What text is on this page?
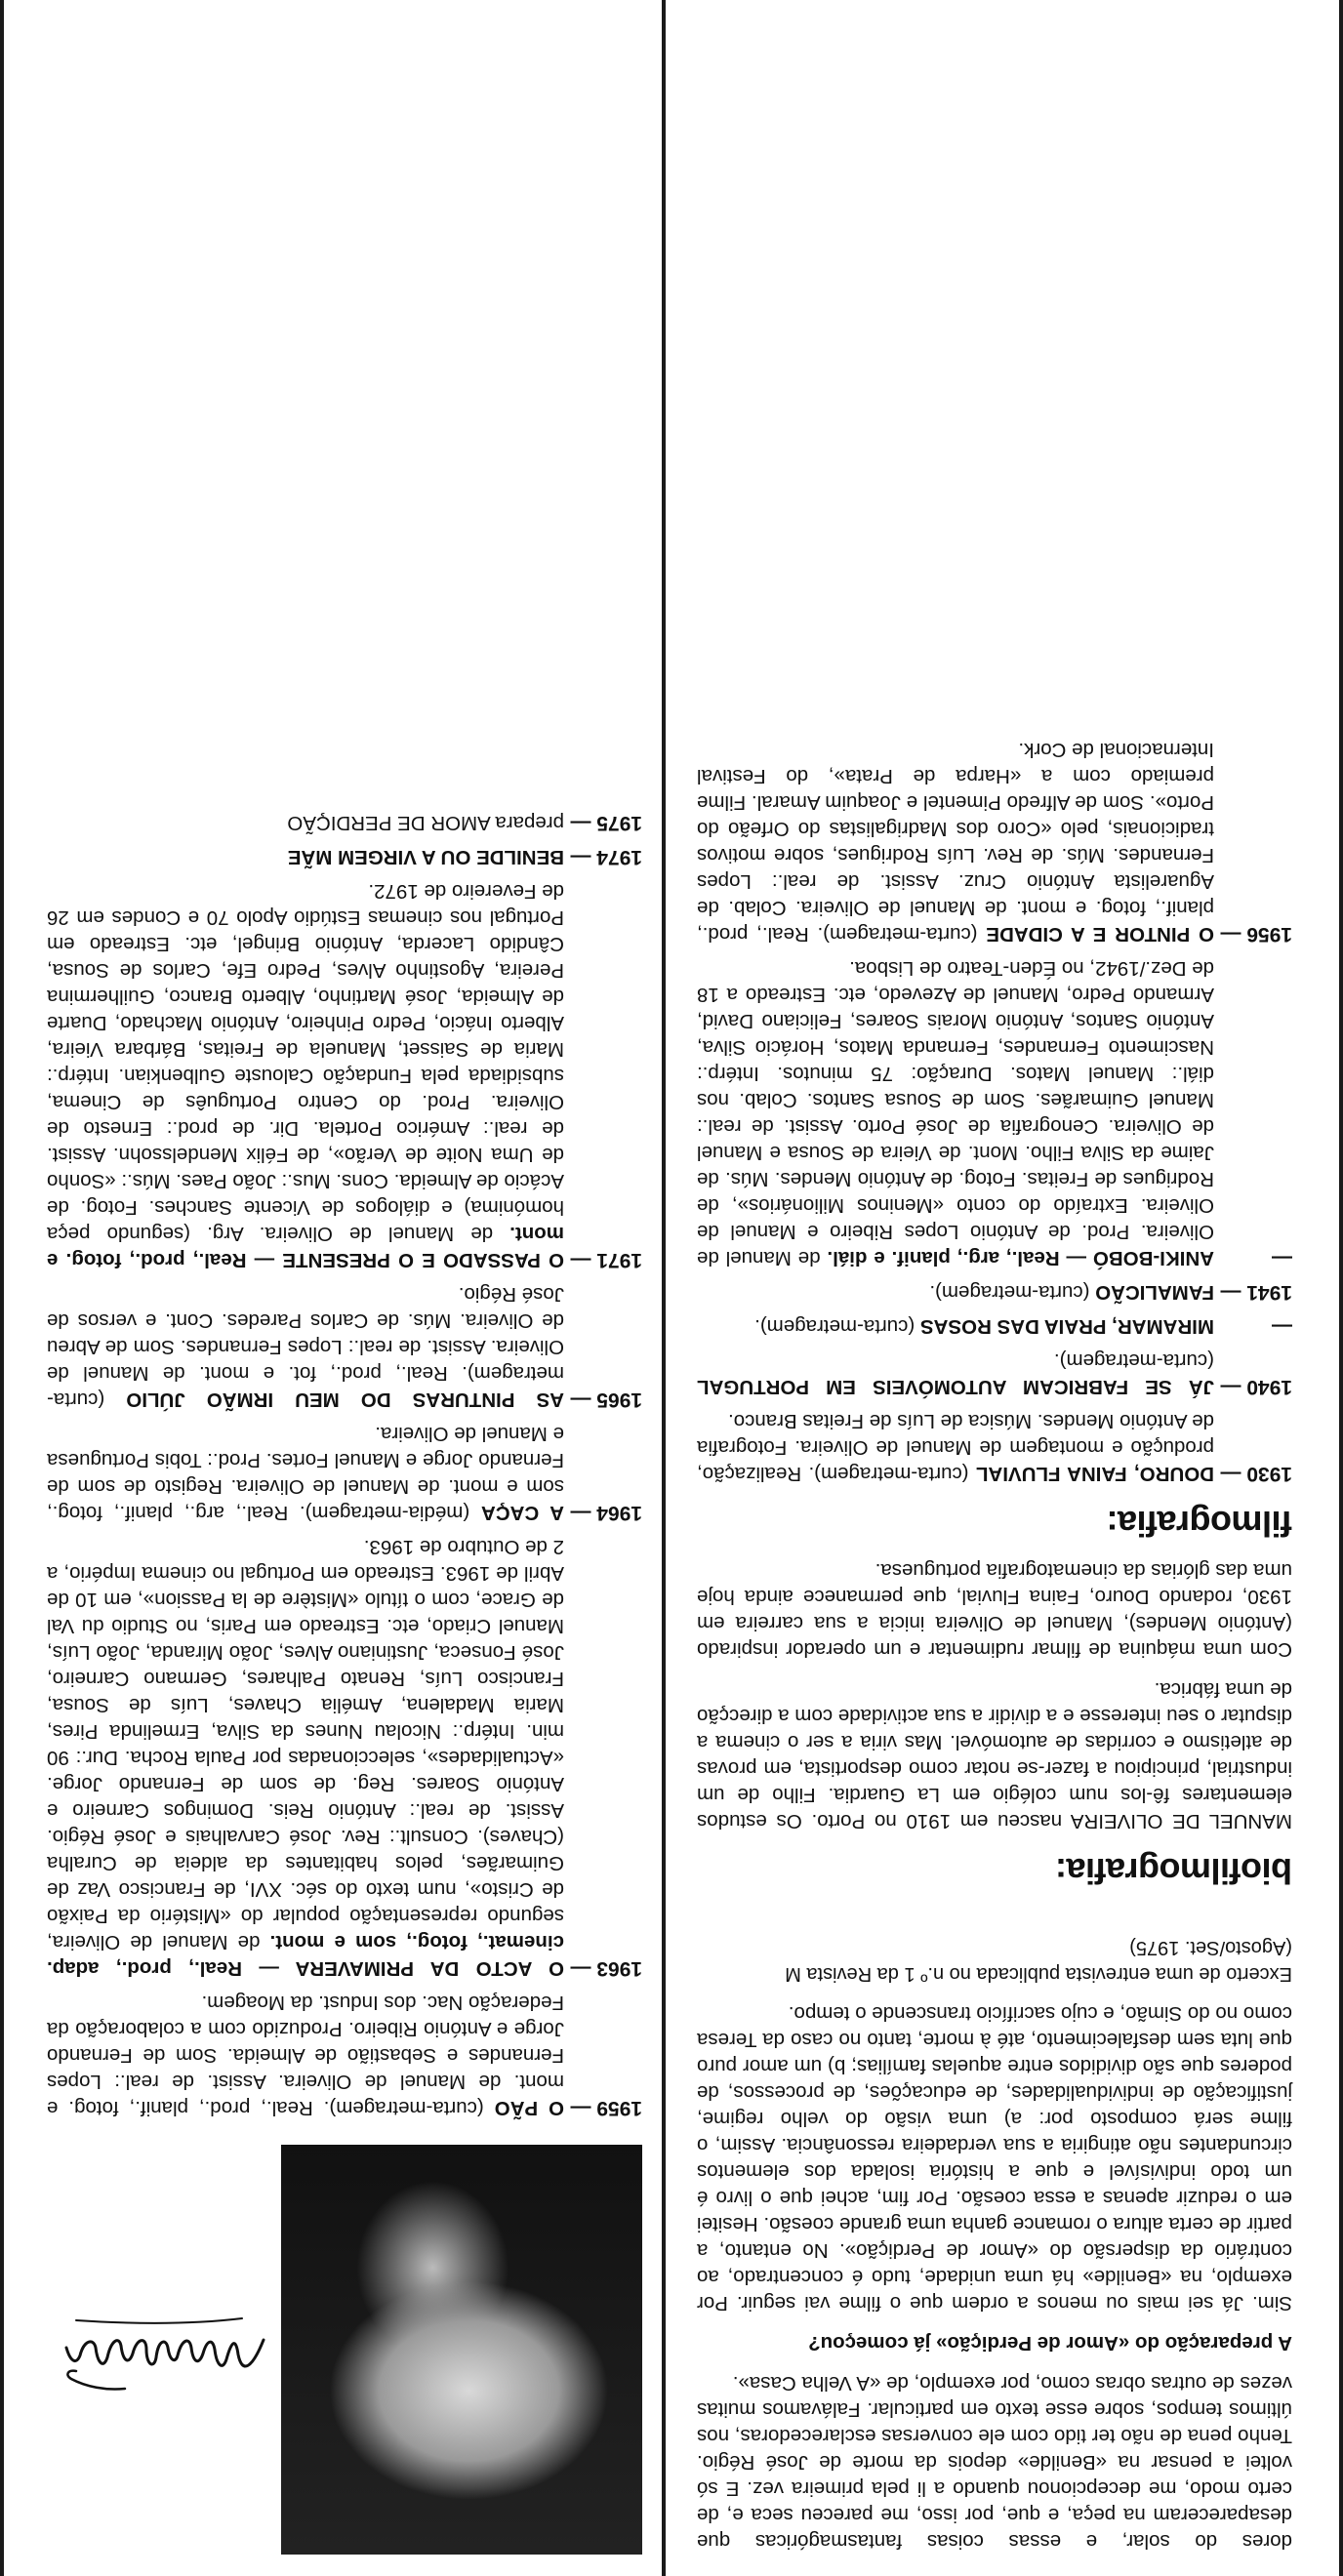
dores do solar, e essas coisas fantasmagóricas que desapareceram na peça, e que, por isso, me pareceu seca e, de certo modo, me decepcionou quando a li pela primeira vez. E só voltei a pensar na «Benilde» depois da morte de José Régio. Tenho pena de não ter tido com ele conversas esclarecedoras, nos últimos tempos, sobre esse texto em particular. Falávamos muitas vezes de outras obras como, por exemplo, de «A Velha Casa».

A preparação do «Amor de Perdição» já começou?

Sim. Já sei mais ou menos a ordem que o filme vai seguir. Por exemplo, na «Benilde» há uma unidade, tudo é concentrado, ao contrário da dispersão do «Amor de Perdição». No entanto, a partir de certa altura o romance ganha uma grande coesão. Hesitei em o reduzir apenas a essa coesão. Por fim, achei que o livro é um todo indivisível e que a história isolada dos elementos circundantes não atingiria a sua verdadeira ressonância. Assim, o filme será composto por: a) uma visão do velho regime, justificação de individualidades, de educações, de processos, de poderes que são divididos entre aquelas famílias; b) um amor puro que luta sem desfalecimento, até à morte, tanto no caso da Teresa como no do Simão, e cujo sacrifício transcende o tempo.

Excerto de uma entrevista publicada no n.º 1 da Revista M (Agosto/Set. 1975)

biofilmografia:

MANUEL DE OLIVEIRA nasceu em 1910 no Porto. Os estudos elementares fê-los num colégio em La Guardia. Filho de um industrial, principiou a fazer-se notar como desportista, em provas de atletismo e corridas de automóvel. Mas viria a ser o cinema a disputar o seu interesse e a dividir a sua actividade com a direcção de uma fábrica.

Com uma máquina de filmar rudimentar e um operador inspirado (António Mendes), Manuel de Oliveira inicia a sua carreira em 1930, rodando Douro, Faina Fluvial, que permanece ainda hoje uma das glórias da cinematografia portuguesa.

filmografia:
1930 —
DOURO, FAINA FLUVIAL (curta-metragem). Realização, produção e montagem de Manuel de Oliveira. Fotografia de António Mendes. Música de Luís de Freitas Branco.
1940 —
JÁ SE FABRICAM AUTOMÓVEIS EM PORTUGAL (curta-metragem).
—
MIRAMAR, PRAIA DAS ROSAS (curta-metragem).
1941 —
FAMALICÃO (curta-metragem).
—
ANIKI-BOBÓ — Real., arg., planif. e diál. de Manuel de Oliveira. Prod. de António Lopes Ribeiro e Manuel de Oliveira. Extraído do conto «Meninos Milionários», de Rodrigues de Freitas. Fotog. de António Mendes. Mús. de Jaime da Silva Filho. Mont. de Vieira de Sousa e Manuel de Oliveira. Cenografia de José Porto. Assist. de real.: Manuel Guimarães. Som de Sousa Santos. Colab. nos diál.: Manuel Matos. Duração: 75 minutos. Intérp.: Nascimento Fernandes, Fernanda Matos, Horácio Silva, António Santos, António Morais Soares, Feliciano David, Armando Pedro, Manuel de Azevedo, etc. Estreado a 18 de Dez./1942, no Éden-Teatro de Lisboa.
1956 —
O PINTOR E A CIDADE (curta-metragem). Real., prod., planif., fotog. e mont. de Manuel de Oliveira. Colab. de Aguarelista António Cruz. Assist. de real.: Lopes Fernandes. Mús. de Rev. Luís Rodrigues, sobre motivos tradicionais, pelo «Coro dos Madrigalistas do Orfeão do Porto». Som de Alfredo Pimentel e Joaquim Amaral. Filme premiado com a «Harpa de Prata», do Festival Internacional de Cork.
1959 —
O PÃO (curta-metragem). Real., prod., planif., fotog. e mont. de Manuel de Oliveira. Assist. de real.: Lopes Fernandes e Sebastião de Almeida. Som de Fernando Jorge e António Ribeiro. Produzido com a colaboração da Federação Nac. dos Indust. da Moagem.
1963 —
O ACTO DA PRIMAVERA — Real., prod., adap. cinemat., fotog., som e mont. de Manuel de Oliveira, segundo representação popular do «Mistério da Paixão de Cristo», num texto do séc. XVI, de Francisco Vaz de Guimarães, pelos habitantes da aldeia de Curalha (Chaves). Consult.: Rev. José Carvalhais e José Régio. Assist. de real.: António Reis. Domingos Carneiro e António Soares. Reg. de som de Fernando Jorge. «Actualidades», seleccionadas por Paula Rocha. Dur.: 90 min. Intérp.: Nicolau Nunes da Silva, Ermelinda Pires, Maria Madalena, Amélia Chaves, Luís de Sousa, Francisco Luís, Renato Palhares, Germano Carneiro, José Fonseca, Justiniano Alves, João Miranda, João Luís, Manuel Criado, etc. Estreado em Paris, no Studio du Val de Grace, com o título «Mistère de la Passion», em 10 de Abril de 1963. Estreado em Portugal no cinema Império, a 2 de Outubro de 1963.
1964 —
A CAÇA (média-metragem). Real., arg., planif., fotog., som e mont. de Manuel de Oliveira. Registo de som de Fernando Jorge e Manuel Fortes. Prod.: Tobis Portuguesa e Manuel de Oliveira.
1965 —
AS PINTURAS DO MEU IRMÃO JÚLIO (curta-metragem). Real., prod., fot. e mont. de Manuel de Oliveira. Assist. de real.: Lopes Fernandes. Som de Abreu de Oliveira. Mús. de Carlos Paredes. Cont. e versos de José Régio.
1971 —
O PASSADO E O PRESENTE — Real., prod., fotog. e mont. de Manuel de Oliveira. Arg. (segundo peça homónima) e diálogos de Vicente Sanches. Fotog. de Acácio de Almeida. Cons. Mus.: João Paes. Mús.: «Sonho de Uma Noite de Verão», de Félix Mendelssohn. Assist. de real.: Américo Portela. Dir. de prod.: Ernesto de Oliveira. Prod. do Centro Português de Cinema, subsidiada pela Fundação Calouste Gulbenkian. Intérp.: Maria de Saisset, Manuela de Freitas, Bárbara Vieira, Alberto Inácio, Pedro Pinheiro, António Machado, Duarte de Almeida, José Martinho, Alberto Branco, Guilhermina Pereira, Agostinho Alves, Pedro Efe, Carlos de Sousa, Cândido Lacerda, António Bringel, etc. Estreado em Portugal nos cinemas Estúdio Apolo 70 e Condes em 26 de Fevereiro de 1972.
1974 —
BENILDE OU A VIRGEM MÃE
1975 —
prepara AMOR DE PERDIÇÃO
